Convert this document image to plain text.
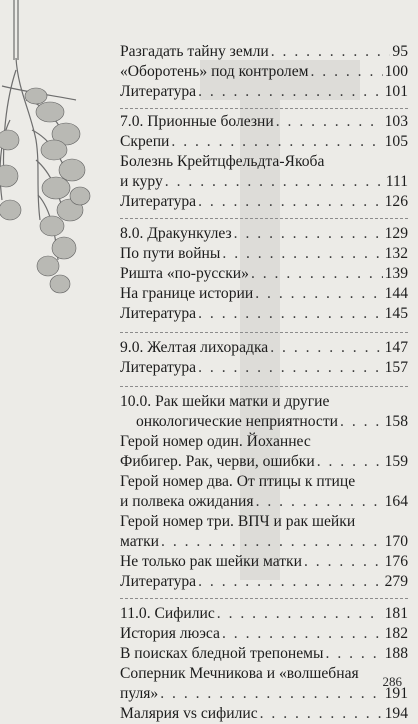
Разгадать тайну земли . . .	95
«Оборотень» под контролем . . .	100
Литература . . .	101
7.0. Прионные болезни . . .	103
Скрепи . . .	105
Болезнь Крейтцфельдта-Якоба
и куру . . .	111
Литература . . .	126
8.0. Дракункулез . . .	129
По пути войны . . .	132
Ришта «по-русски» . . .	139
На границе истории . . .	144
Литература . . .	145
9.0. Желтая лихорадка . . .	147
Литература . . .	157
10.0. Рак шейки матки и другие
онкологические неприятности . . .	158
Герой номер один. Йоханнес
Фибигер. Рак, черви, ошибки . . .	159
Герой номер два. От птицы к птице
и полвека ожидания . . .	164
Герой номер три. ВПЧ и рак шейки
матки . . .	170
Не только рак шейки матки . . .	176
Литература . . .	279
11.0. Сифилис . . .	181
История люэса . . .	182
В поисках бледной трепонемы . . .	188
Соперник Мечникова и «волшебная
пуля» . . .	191
Малярия vs сифилис . . .	194
286
